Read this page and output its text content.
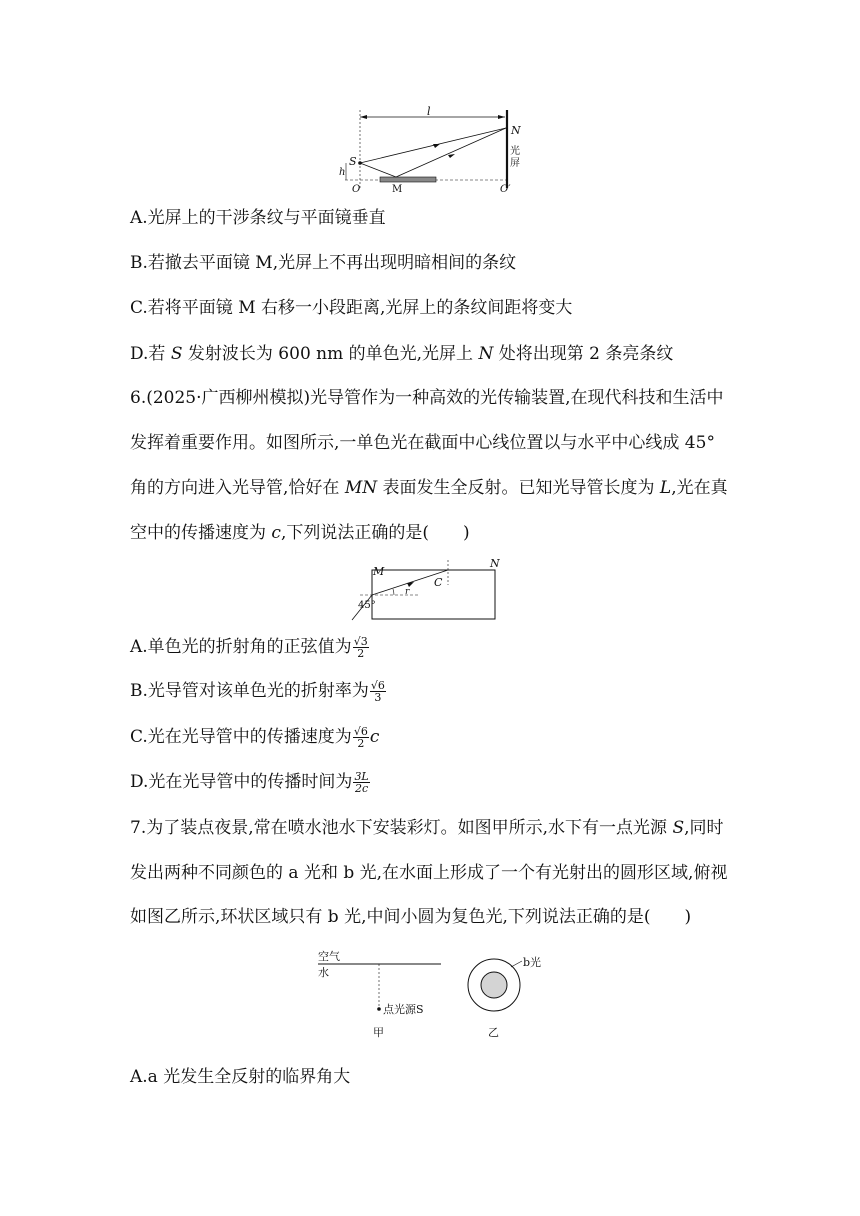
l
N
S
h
O	M	O′
光
屏
A.光屏上的干涉条纹与平面镜垂直
B.若撤去平面镜 M,光屏上不再出现明暗相间的条纹
C.若将平面镜 M 右移一小段距离,光屏上的条纹间距将变大
D.若 S 发射波长为 600 nm 的单色光,光屏上 N 处将出现第 2 条亮条纹
6.(2025·广西柳州模拟)光导管作为一种高效的光传输装置,在现代科技和生活中
发挥着重要作用。如图所示,一单色光在截面中心线位置以与水平中心线成 45°
角的方向进入光导管,恰好在 MN 表面发生全反射。已知光导管长度为 L,光在真
空中的传播速度为 c,下列说法正确的是(　　)
M
N
C
r
45°
A.单色光的折射角的正弦值为 $\frac{√3}{2}$
B.光导管对该单色光的折射率为 $\frac{√6}{3}$
C.光在光导管中的传播速度为 $\frac{√6}{2}$ c
D.光在光导管中的传播时间为 $\frac{3L}{2c}$
7.为了装点夜景,常在喷水池水下安装彩灯。如图甲所示,水下有一点光源 S,同时
发出两种不同颜色的 a 光和 b 光,在水面上形成了一个有光射出的圆形区域,俯视
如图乙所示,环状区域只有 b 光,中间小圆为复色光,下列说法正确的是(　　)
空气
水
点光源S
甲
b光
乙
A.a 光发生全反射的临界角大
